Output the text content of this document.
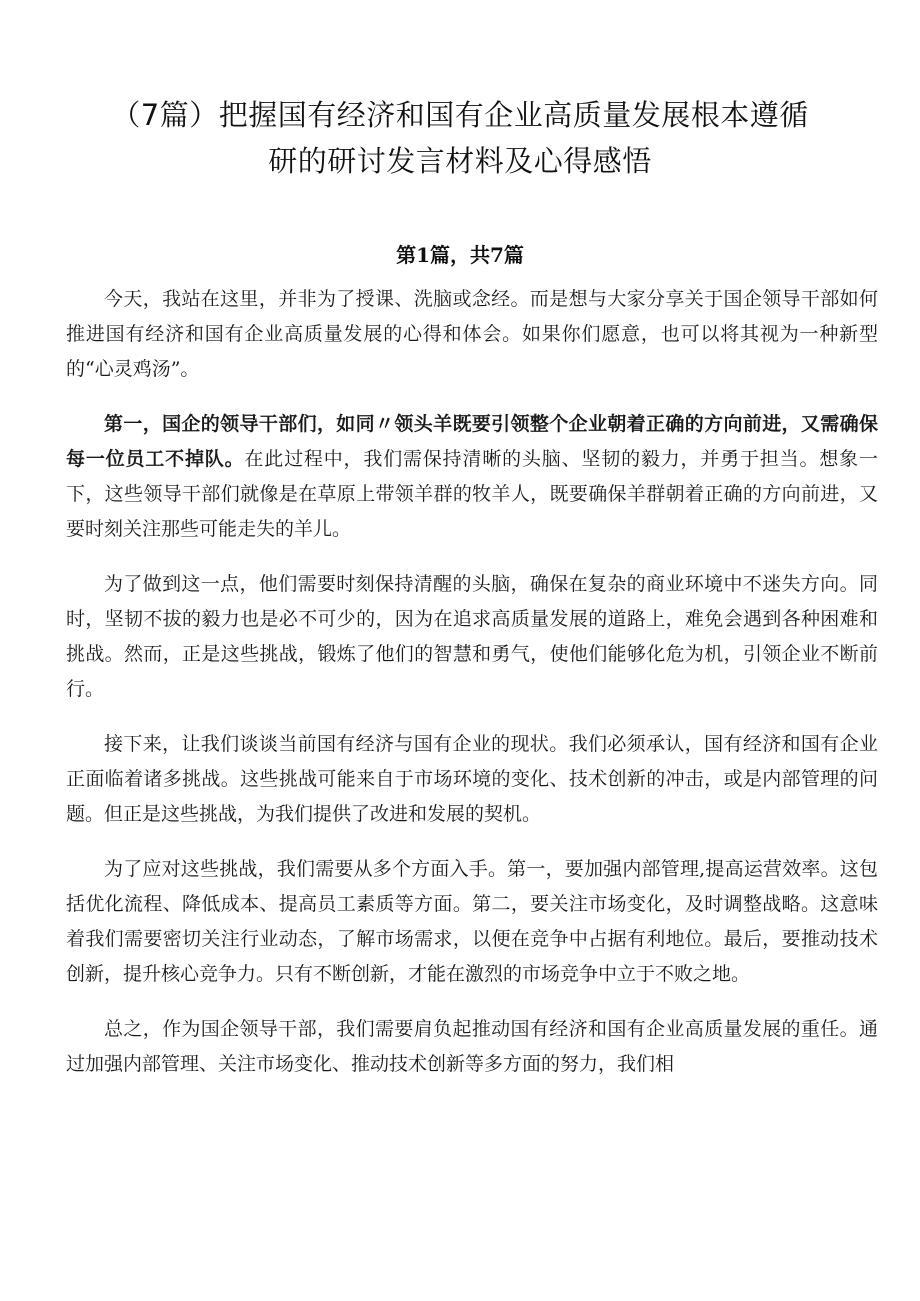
（7篇）把握国有经济和国有企业高质量发展根本遵循
研的研讨发言材料及心得感悟
第1篇，共7篇

今天，我站在这里，并非为了授课、洗脑或念经。而是想与大家分享关于国企领导干部如何推进国有经济和国有企业高质量发展的心得和体会。如果你们愿意，也可以将其视为一种新型的“心灵鸡汤”。

第一，国企的领导干部们，如同〃领头羊既要引领整个企业朝着正确的方向前进，又需确保每一位员工不掉队。在此过程中，我们需保持清晰的头脑、坚韧的毅力，并勇于担当。想象一下，这些领导干部们就像是在草原上带领羊群的牧羊人，既要确保羊群朝着正确的方向前进，又要时刻关注那些可能走失的羊儿。

为了做到这一点，他们需要时刻保持清醒的头脑，确保在复杂的商业环境中不迷失方向。同时，坚韧不拔的毅力也是必不可少的，因为在追求高质量发展的道路上，难免会遇到各种困难和挑战。然而，正是这些挑战，锻炼了他们的智慧和勇气，使他们能够化危为机，引领企业不断前行。

接下来，让我们谈谈当前国有经济与国有企业的现状。我们必须承认，国有经济和国有企业正面临着诸多挑战。这些挑战可能来自于市场环境的变化、技术创新的冲击，或是内部管理的问题。但正是这些挑战，为我们提供了改进和发展的契机。

为了应对这些挑战，我们需要从多个方面入手。第一，要加强内部管理,提高运营效率。这包括优化流程、降低成本、提高员工素质等方面。第二，要关注市场变化，及时调整战略。这意味着我们需要密切关注行业动态，了解市场需求，以便在竞争中占据有利地位。最后，要推动技术创新，提升核心竞争力。只有不断创新，才能在激烈的市场竞争中立于不败之地。

总之，作为国企领导干部，我们需要肩负起推动国有经济和国有企业高质量发展的重任。通过加强内部管理、关注市场变化、推动技术创新等多方面的努力，我们相
